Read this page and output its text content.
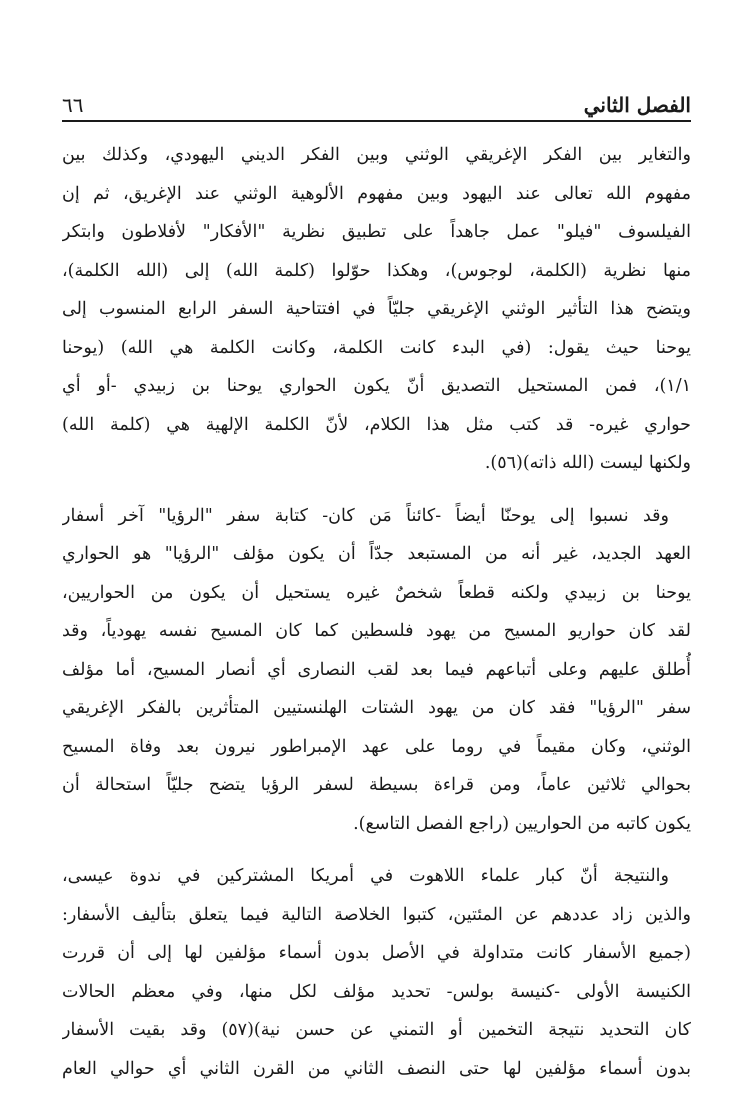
الفصل الثاني
٦٦
والتغاير بين الفكر الإغريقي الوثني وبين الفكر الديني اليهودي، وكذلك بين
مفهوم الله تعالى عند اليهود وبين مفهوم الألوهية الوثني عند الإغريق، ثم إن
الفيلسوف "فيلو" عمل جاهداً على تطبيق نظرية "الأفكار" لأفلاطون وابتكر
منها نظرية (الكلمة، لوجوس)، وهكذا حوّلوا (كلمة الله) إلى (الله الكلمة)،
ويتضح هذا التأثير الوثني الإغريقي جليّاً في افتتاحية السفر الرابع المنسوب إلى
يوحنا حيث يقول: (في البدء كانت الكلمة، وكانت الكلمة هي الله) (يوحنا
١/١)، فمن المستحيل التصديق أنّ يكون الحواري يوحنا بن زبيدي -أو أي
حواري غيره- قد كتب مثل هذا الكلام، لأنّ الكلمة الإلهية هي (كلمة الله)
ولكنها ليست (الله ذاته)(٥٦).
وقد نسبوا إلى يوحنّا أيضاً -كائناً مَن كان- كتابة سفر "الرؤيا" آخر أسفار
العهد الجديد، غير أنه من المستبعد جدّاً أن يكون مؤلف "الرؤيا" هو الحواري
يوحنا بن زبيدي ولكنه قطعاً شخصٌ غيره يستحيل أن يكون من الحواريين،
لقد كان حواريو المسيح من يهود فلسطين كما كان المسيح نفسه يهودياً، وقد
أُطلق عليهم وعلى أتباعهم فيما بعد لقب النصارى أي أنصار المسيح، أما مؤلف
سفر "الرؤيا" فقد كان من يهود الشتات الهلنستيين المتأثرين بالفكر الإغريقي
الوثني، وكان مقيماً في روما على عهد الإمبراطور نيرون بعد وفاة المسيح
بحوالي ثلاثين عاماً، ومن قراءة بسيطة لسفر الرؤيا يتضح جليّاً استحالة أن
يكون كاتبه من الحواريين (راجع الفصل التاسع).
والنتيجة أنّ كبار علماء اللاهوت في أمريكا المشتركين في ندوة عيسى،
والذين زاد عددهم عن المئتين، كتبوا الخلاصة التالية فيما يتعلق بتأليف الأسفار:
(جميع الأسفار كانت متداولة في الأصل بدون أسماء مؤلفين لها إلى أن قررت
الكنيسة الأولى -كنيسة بولس- تحديد مؤلف لكل منها، وفي معظم الحالات
كان التحديد نتيجة التخمين أو التمني عن حسن نية)(٥٧) وقد بقيت الأسفار
بدون أسماء مؤلفين لها حتى النصف الثاني من القرن الثاني أي حوالي العام
